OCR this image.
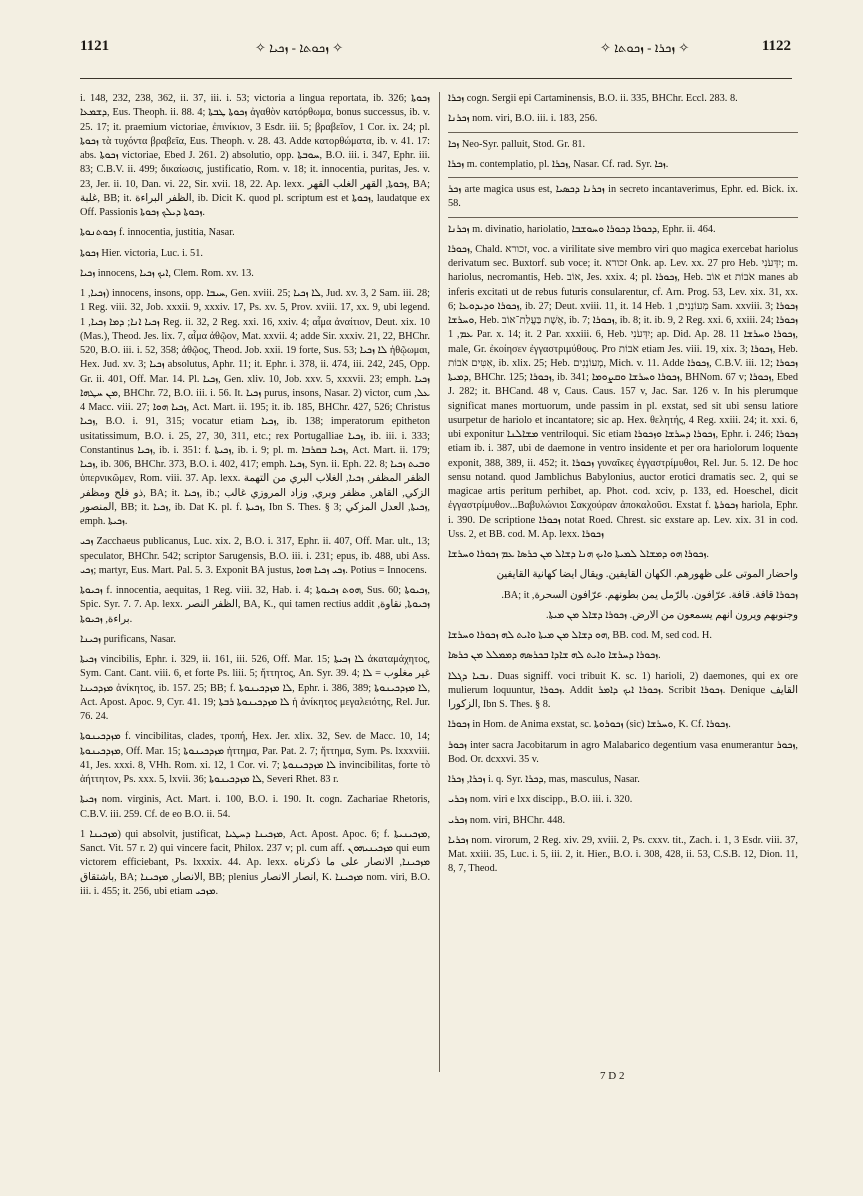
1121	✧ ܙܟܘܬܐ - ܙܟܝܐ ✧	✧ ܙܟܪܐ - ܙܟܘܬܐ ✧	1122

i. 148, 232, 238, 362, ii. 37, iii. i. 53; victoria a lingua reportata, ib. 326; ܙܟܘܬܐ ܕܫܡܥܐ, Eus. Theoph. ii. 88. 4; ܙܟܘܬܐ ܛܒܬܐ ἀγαθὸν κατόρθωμα, bonus successus, ib. v. 25. 17; it. praemium victoriae, ἐπινίκιον, 3 Esdr. iii. 5; βραβεῖον, 1 Cor. ix. 24; pl. ܙܟܘܬܐ τὰ τυχόντα βραβεῖα, Eus. Theoph. v. 28. 43. Adde κατορθώματα, ib. v. 41. 17: abs. ܙܟܘܬܐ victoriae, Ebed J. 261. 2) absolutio, opp. ܚܘܒܬܐ, B.O. iii. i. 347, Ephr. iii. 83; C.B.V. ii. 499; δικαίωσις, justificatio, Rom. v. 18; it. innocentia, puritas, Jes. v. 23, Jer. ii. 10, Dan. vi. 22, Sir. xvii. 18, 22. Ap. lexx. ܙܟܘܬܐ, القهر الغلب القهر, BA; غلبة, BB; it. الظفر البراءة, ib. Dicit K. quod pl. scriptum est et ܙܟܘܬܐ, laudatque ex Off. Passionis ܙܟܘܬܐ ܕܝܠܟ ܙܟܘܬܐ.

ܙܟܘܬܢܘܬܐ f. innocentia, justitia, Nasar.

ܙܟܘܬܐ Hier. victoria, Luc. i. 51.

ܙܟܝܐ innocens, ܐܝܟ ܙܟܝܐ, Clem. Rom. xv. 13.

ܙܟܝܐ, 1) innocens, insons, opp. ܚܝܒܐ, Gen. xviii. 25; ܠܐ ܙܟܝܐ, Jud. xv. 3, 2 Sam. iii. 28; 1 Reg. viii. 32, Job. xxxii. 9, xxxiv. 17, Ps. xv. 5, Prov. xviii. 17, xx. 9, ubi legend. ܙܟܝܐ ܐܢܐ; ܕܡܐ ܙܟܝܐ, 1 Reg. ii. 32, 2 Reg. xxi. 16, xxiv. 4; αἷμα ἀναίτιον, Deut. xix. 10 (Mas.), Theod. Jes. lix. 7, αἷμα ἀθῷον, Mat. xxvii. 4; adde Sir. xxxiv. 21, 22, BHChr. 520, B.O. iii. i. 52, 358; ἀθῷος, Theod. Job. xxii. 19 forte, Sus. 53; ܠܐ ܙܟܝܐ ἠθῷωμαι, Hex. Jud. xv. 3; ܙܟܝܐ absolutus, Aphr. 11; it. Ephr. i. 378, ii. 474, iii. 242, 245, Opp. Gr. ii. 401, Off. Mar. 14. Pl. ܙܟܝܐ, Gen. xliv. 10, Job. xxv. 5, xxxvii. 23; emph. ܙܟܝܐ ܡܢ ܚܛܗܐ, BHChr. 72, B.O. iii. i. 56. It. ܙܟܝܐ purus, insons, Nasar. 2) victor, cum ܥܠ, 4 Macc. viii. 27; ܙܟܝܐ ܗܘܐ, Act. Mart. ii. 195; it. ib. 185, BHChr. 427, 526; Christus ܙܟܝܐ, B.O. i. 91, 315; vocatur etiam ܙܟܝܐ, ib. 138; imperatorum epitheton usitatissimum, B.O. i. 25, 27, 30, 311, etc.; rex Portugalliae ܙܟܝܐ, ib. iii. i. 333; Constantinus ܙܟܝܐ, ib. i. 351: f. ܙܟܝܬܐ, ib. i. 9; pl. m. ܙܟܝܐ ܒܩܪܒܐ, Act. Mart. ii. 179; ܙܟܝܐ, ib. 306, BHChr. 373, B.O. i. 402, 417; emph. ܙܟܝܐ, Syn. ii. Eph. 22. 8; ܘܒܝܬ ܙܟܝܐ ὑπερνικῶμεν, Rom. viii. 37. Ap. lexx. الظفر المظفر, ܙܟܝܐ, الغلاب البري من التهمة ذو فلح ومظفر, BA; it. ܙܟܝܐ, ib.; الزكي, القاهر, مظفر وبري, وزاد المروزي غالب المنصور, BB; it. ܙܟܝܐ, ib. Dat K. pl. f. ܙܟܝܬܐ, Ibn S. Thes. § 3; ܙܟܝܬܐ, العدل المزكي, emph. ܙܟܝܬܐ.

ܙܟܝ Zacchaeus publicanus, Luc. xix. 2, B.O. i. 317, Ephr. ii. 407, Off. Mar. ult., 13; speculator, BHChr. 542; scriptor Sarugensis, B.O. iii. i. 231; epus, ib. 488, ubi Ass. ܙܟܝ; martyr, Eus. Mart. Pal. 5. 3. Exponit BA justus, ܙܟܝ ܙܟܝܐ ܗܘܐ. Potius = Innocens.

ܙܟܝܘܬܐ f. innocentia, aequitas, 1 Reg. viii. 32, Hab. i. 4; ܗܘܬ ܙܟܝܘܬܐ, Sus. 60; ܙܟܝܘܬܐ, Spic. Syr. 7. 7. Ap. lexx. الظفر النصر, BA, K., qui tamen rectius addit ܙܟܝܘܬܐ, نقاوة, براءة, ܙܟܝܘܬܐ.

ܙܟܝܢܐ purificans, Nasar.

ܙܟܝܬܐ vincibilis, Ephr. i. 329, ii. 161, iii. 526, Off. Mar. 15; ܠܐ ܙܟܝܬܐ ἀκαταμάχητος, Sym. Cant. Cant. viii. 6, et forte Ps. liii. 5; ἥττητος, An. Syr. 39. 4; غير مغلوب = ܠܐ ܡܙܕܟܝܢܐ ἀνίκητος, ib. 157. 25; BB; f. ܠܐ ܡܙܕܟܝܢܘܬܐ, Ephr. i. 386, 389; ܠܐ ܡܙܕܟܝܢܘܬܐ, Act. Apost. Apoc. 9, Cyr. 41. 19; ܠܐ ܡܙܕܟܝܢܘܬܐ ܪܒܬܐ ἡ ἀνίκητος μεγαλειότης, Rel. Jur. 76. 24.

ܡܙܕܟܝܢܘܬܐ f. vincibilitas, clades, τροπή, Hex. Jer. xlix. 32, Sev. de Macc. 10, 14; ܡܙܕܟܝܢܘܬܐ, Off. Mar. 15; ܡܙܕܟܝܢܘܬܐ ἡττημα, Par. Pat. 2. 7; ἥττημα, Sym. Ps. lxxxviii. 41, Jes. xxxi. 8, VHh. Rom. xi. 12, 1 Cor. vi. 7; ܠܐ ܡܙܕܟܝܢܘܬܐ invincibilitas, forte τὸ ἀήττητον, Ps. xxx. 5, lxvii. 36; ܠܐ ܡܙܕܟܝܢܘܬܐ, Severi Rhet. 83 r.

ܙܟܝܬܐ nom. virginis, Act. Mart. i. 100, B.O. i. 190. It. cogn. Zachariae Rhetoris, C.B.V. iii. 259. Cf. de eo B.O. ii. 54.

ܡܙܟܝܢܐ 1) qui absolvit, justificat, ܡܙܟܝܢܐ ܕܚܛܝܐ, Act. Apost. Apoc. 6; f. ܡܙܟܝܢܝܬܐ, Sanct. Vit. 57 r. 2) qui vincere facit, Philox. 237 v; pl. cum aff. ܡܙܟܝܢܝܗܘܢ qui eum victorem efficiebant, Ps. lxxxix. 44. Ap. lexx. ܡܙܟܝܢܐ, الانصار على ما ذكرناه باشتقاق, BA; الانصار, ܡܙܟܝܢܐ, BB; plenius انصار الانصار, K. ܡܙܟܝܢܐ nom. viri, B.O. iii. i. 455; it. 256, ubi etiam ܡܙܟܝ.

ܙܟܪܐ cogn. Sergii epi Cartaminensis, B.O. ii. 335, BHChr. Eccl. 283. 8.

ܙܟܪܢܐ nom. viri, B.O. iii. i. 183, 256.

ܙܟܐ Neo-Syr. palluit, Stod. Gr. 81.

ܙܟܪܐ m. contemplatio, pl. ܙܟܪܐ, Nasar. Cf. rad. Syr. ܙܟܐ.

ܙܟܪ arte magica usus est, ܙܟܪܢܐ ܕܟܣܝܐ in secreto incantaverimus, Ephr. ed. Bick. ix. 58.

ܙܟܪܢܐ m. divinatio, hariolatio, ܕܟܘܪܐ ܕܟܘܪܐ ܘܚܘܫܒܐ, Ephr. ii. 464.

ܙܟܘܪܐ, Chald. זכורא, voc. a virilitate sive membro viri quo magica exercebat hariolus derivatum sec. Buxtorf. sub voce; it. זכורא Onk. ap. Lev. xx. 27 pro Heb. יִדְּעֹנִי; m. hariolus, necromantis, Heb. אוֹב, Jes. xxix. 4; pl. ܙܟܘܪܐ, Heb. אוֹב et אֹבוֹת manes ab inferis excitati ut de rebus futuris consularentur, cf. Arn. Prog. 53, Lev. xix. 31, xx. 6; ܙܟܘܪܐ ܘܕܝܕܘܥܐ, ib. 27; Deut. xviii. 11, it. 14 Heb. מְעוֹנְנִים, 1 Sam. xxviii. 3; ܙܟܘܪܐ ܘܚܪܫܐ, Heb. אֵשֶׁת בַּעֲלַת־אוֹב, ib. 7; ܙܟܘܪܐ, ib. 8; it. ib. 9, 2 Reg. xxi. 6, xxiii. 24; ܙܟܘܪܐ ܥܡ, 1 Par. x. 14; it. 2 Par. xxxiii. 6, Heb. יִדְּעֹנִי; ap. Did. Ap. 28. 11 ܙܟܘܪܐ ܘܚܪܫܐ, male, Gr. ἐκοίησεν ἐγγαστριμύθους. Pro אֹבוֹת etiam Jes. viii. 19, xix. 3; ܙܟܘܪܐ, Heb. אִטִּים אֹבוֹת, ib. xlix. 25; Heb. מְעוֹנְנִים, Mich. v. 11. Adde ܙܟܘܪܐ, C.B.V. iii. 12; ܙܟܘܪܐ ܕܡܝܬܐ, BHChr. 125; ܙܟܘܪܐ, ib. 341; ܙܟܘܪܐ ܘܚܪܫܐ ܘܩܨܘܡܐ, BHNom. 67 v; ܙܟܘܪܐ, Ebed J. 282; it. BHCand. 48 v, Caus. Caus. 157 v, Jac. Sar. 126 v. In his plerumque significat manes mortuorum, unde passim in pl. exstat, sed sit ubi sensu latiore usurpetur de hariolo et incantatore; sic ap. Hex. θελητής, 4 Reg. xxiii. 24; it. xxi. 6, ubi exponitur ܡܫܐܠܢܐ ventriloqui. Sic etiam ܙܟܘܪܐ ܕܚܪܫܐ ܘܙܟܘܪܐ, Ephr. i. 246; ܙܟܘܪܐ etiam ib. i. 387, ubi de daemone in ventro insidente et per ora hariolorum loquente exponit, 388, 389, ii. 452; it. ܙܟܘܪܐ γυναῖκες ἐγγαστρίμυθοι, Rel. Jur. 5. 12. De hoc sensu notand. quod Jamblichus Babylonius, auctor erotici dramatis sec. 2, qui se magicae artis peritum perhibet, ap. Phot. cod. xciv, p. 133, ed. Hoeschel, dicit ἐγγαστρίμυθον...Βαβυλώνιοι Σακχούραν ἀποκαλοῦσι. Exstat f. ܙܟܘܪܬܐ hariola, Ephr. i. 390. De scriptione ܙܟܘܪܐ notat Roed. Chrest. sic exstare ap. Lev. xix. 31 in cod. Uss. 2, et BB. cod. M. Ap. lexx. ܙܟܘܪܐ

ܙܟܘܪܐ ܗܘ ܕܡܫܐܠ ܠܡܝܬܐ ܘܐܝܟ ܗܢܐ ܕܫܐܠ ܡܢ ܟܪܣܐ ܥܡ ܙܟܘܪܐ ܘܚܪܫܐ.

واحضار الموتى على ظهورهم. الكهان القايفين. ويقال ايضا كهانية القايفين

ܙܟܘܪܐ قافة. قافة. عرّافون. بالرّمل يمن بطونهم. عرّافون السحرة, BA; it.

وجنوبهم ويرون انهم يسمعون من الارض. ܙܟܘܪܐ ܕܫܐܠ ܡܢ ܡܝܬܐ.

ܗܘ ܕܫܐܠ ܡܢ ܡܝܬܐ ܘܐܝܬ ܠܗ ܙܟܘܪܐ ܘܚܪܫܐ, BB. cod. M, sed cod. H.

ܙܟܘܪܐ ܕܚܪܫܐ ܘܐܝܬ ܠܗ ܫܐܕܐ ܒܟܪܣܗ ܕܡܡܠܠ ܡܢ ܟܪܣܐ.

ܢܒܝܐ ܕܓܠܐ. Duas signiff. voci tribuit K. sc. 1) harioli, 2) daemones, qui ex ore mulierum loquuntur, ܙܟܘܪܐ. Addit ܙܟܘܪܐ ܐܝܟ ܕܐܡܪ. Scribit ܙܟܘܪܐ. Denique القايف الزكورا, Ibn S. Thes. § 8.

ܙܟܘܪܐ in Hom. de Anima exstat, sc. ܙܟܘܪܘܬܐ (sic) ܘܚܪܫܐ, K. Cf. ܙܟܘܪܐ.

ܙܟܘܪ inter sacra Jacobitarum in agro Malabarico degentium vasa enumerantur ܙܟܘܪ, Bod. Or. dcxxvi. 35 v.

ܙܟܪܐ, ܙܟܪܐ i. q. Syr. ܕܟܪܐ, mas, masculus, Nasar.

ܙܟܪܝ nom. viri e lxx discipp., B.O. iii. i. 320.

ܙܟܪܝ nom. viri, BHChr. 448.

ܙܟܪܝܐ nom. virorum, 2 Reg. xiv. 29, xviii. 2, Ps. cxxv. tit., Zach. i. 1, 3 Esdr. viii. 37, Mat. xxiii. 35, Luc. i. 5, iii. 2, it. Hier., B.O. i. 308, 428, ii. 53, C.S.B. 12, Dion. 11, 8, 7, Theod.

7 D 2
